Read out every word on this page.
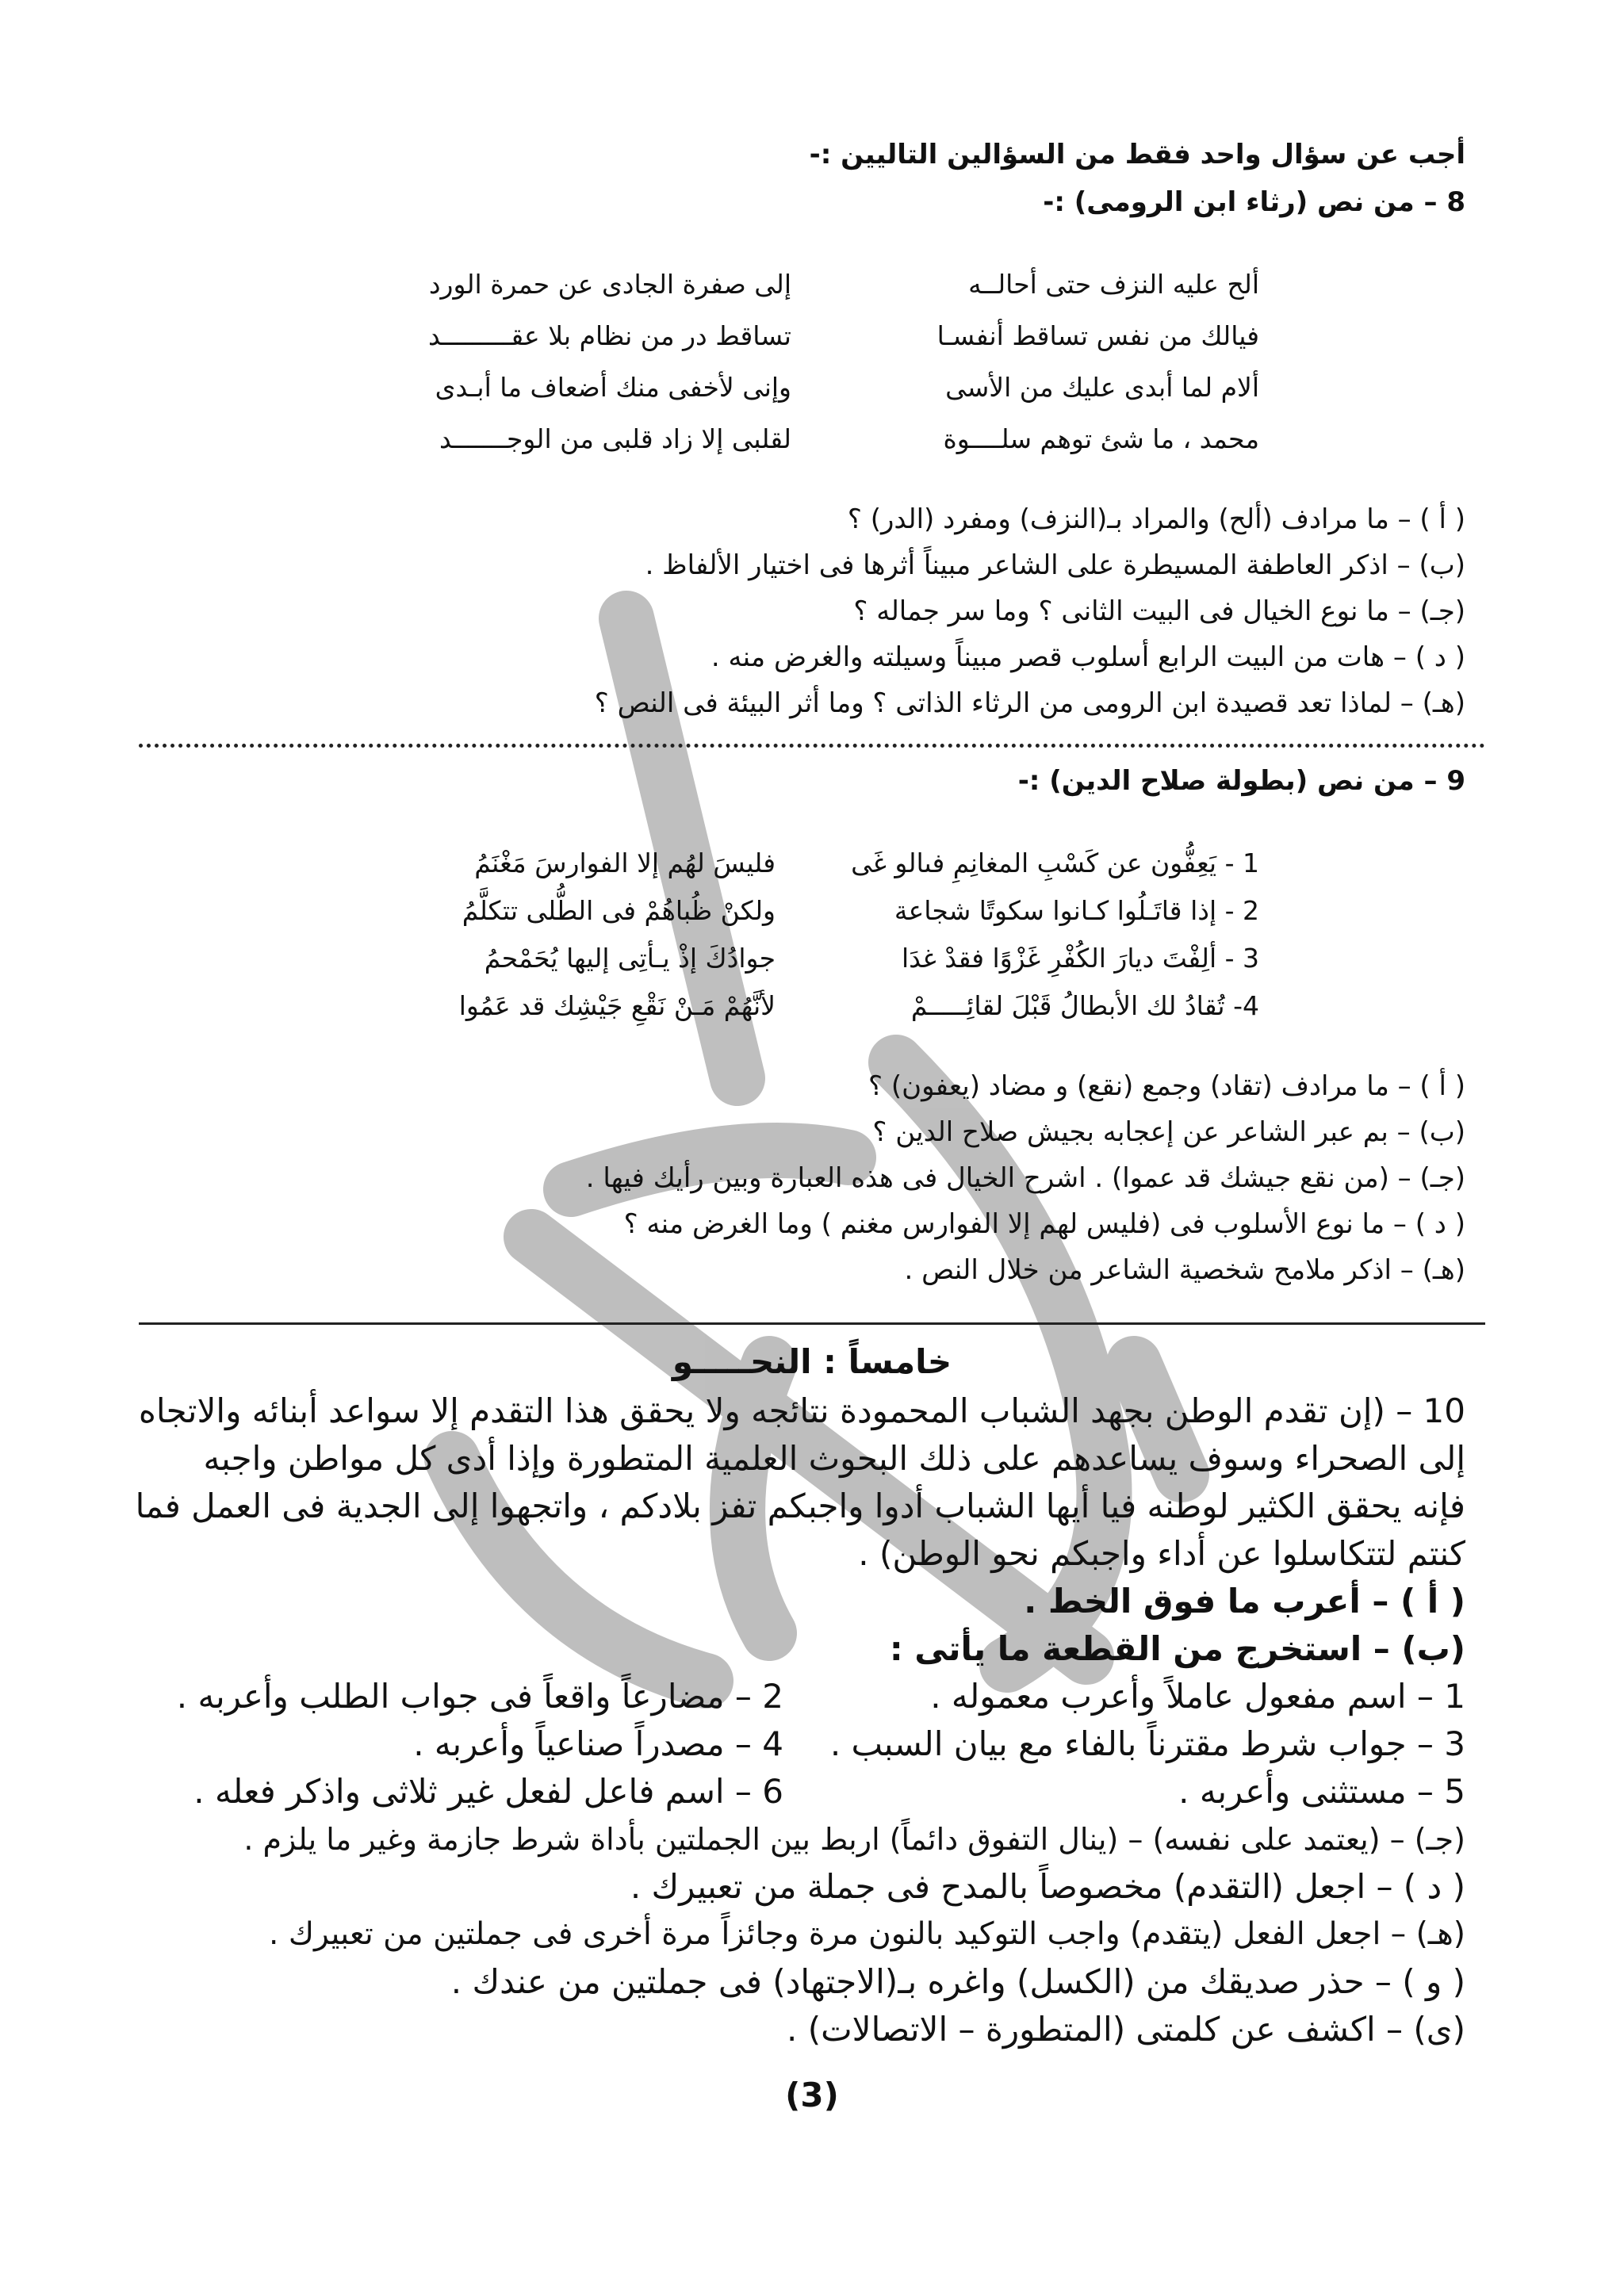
أجب عن سؤال واحد فقط من السؤالين التاليين :-
8 – من نص (رثاء ابن الرومى) :-
ألح عليه النزف حتى أحالــه
إلى صفرة الجادى عن حمرة الورد
فيالك من نفس تساقط أنفسـا
تساقط در من نظام بلا عقـــــــــد
ألام لما أبدى عليك من الأسى
وإنى لأخفى منك أضعاف ما أبـدى
محمد ، ما شئ توهم سلــــوة
لقلبى إلا زاد قلبى من الوجـــــــد
( أ ) – ما مرادف (ألح) والمراد بـ(النزف) ومفرد (الدر) ؟
(ب) – اذكر العاطفة المسيطرة على الشاعر مبيناً أثرها فى اختيار الألفاظ .
(جـ) – ما نوع الخيال فى البيت الثانى ؟ وما سر جماله ؟
( د ) – هات من البيت الرابع أسلوب قصر مبيناً وسيلته والغرض منه .
(هـ) – لماذا تعد قصيدة ابن الرومى من الرثاء الذاتى ؟ وما أثر البيئة فى النص ؟
9 – من نص (بطولة صلاح الدين) :-
1 - يَعِفُّون عن كَسْبِ المغانِمِ فىالو غَى
فليسَ لهُم إلا الفوارسَ مَغْنَمُ
2 - إذا قاتَـلُوا كـانوا سكوتًا شجاعة
ولكنْ ظُباهُمْ فى الطُّلى تتكلَّمُ
3 - ألِفْتَ ديارَ الكُفْرِ غَزْوًا فقدْ غدَا
جوادُكَ إذْ يـأتِى إليها يُحَمْحمُ
4- تُقادُ لك الأبطالُ قَبْلَ لقائِـــــمْ
لأنَّهُمْ مَـنْ نَقْعِ جَيْشِك قد عَمُوا
( أ ) – ما مرادف (تقاد) وجمع (نقع) و مضاد (يعفون) ؟
(ب) – بم عبر الشاعر عن إعجابه بجيش صلاح الدين ؟
(جـ) – (من نقع جيشك قد عموا) . اشرح الخيال فى هذه العبارة وبين رأيك فيها .
( د ) – ما نوع الأسلوب فى (فليس لهم إلا الفوارس مغنم ) وما الغرض منه ؟
(هـ) – اذكر ملامح شخصية الشاعر من خلال النص .
خامساً : النحـــــو
10 – (إن تقدم الوطن بجهد الشباب المحمودة نتائجه ولا يحقق هذا التقدم إلا سواعد أبنائه والاتجاه
إلى الصحراء وسوف يساعدهم على ذلك البحوث العلمية المتطورة وإذا أدى كل مواطن واجبه
فإنه يحقق الكثير لوطنه فيا أيها الشباب أدوا واجبكم تفز بلادكم ، واتجهوا إلى الجدية فى العمل فما
كنتم لتتكاسلوا عن أداء واجبكم نحو الوطن) .
( أ ) – أعرب ما فوق الخط .
(ب) – استخرج من القطعة ما يأتى :
1 – اسم مفعول عاملاً وأعرب معموله .
2 – مضارعاً واقعاً فى جواب الطلب وأعربه .
3 – جواب شرط مقترناً بالفاء مع بيان السبب .
4 – مصدراً صناعياً وأعربه .
5 – مستثنى وأعربه .
6 – اسم فاعل لفعل غير ثلاثى واذكر فعله .
(جـ) – (يعتمد على نفسه) – (ينال التفوق دائماً) اربط بين الجملتين بأداة شرط جازمة وغير ما يلزم .
( د ) – اجعل (التقدم) مخصوصاً بالمدح فى جملة من تعبيرك .
(هـ) – اجعل الفعل (يتقدم) واجب التوكيد بالنون مرة وجائزاً مرة أخرى فى جملتين من تعبيرك .
( و ) – حذر صديقك من (الكسل) واغره بـ(الاجتهاد) فى جملتين من عندك .
(ى) – اكشف عن كلمتى (المتطورة – الاتصالات) .
(3)
